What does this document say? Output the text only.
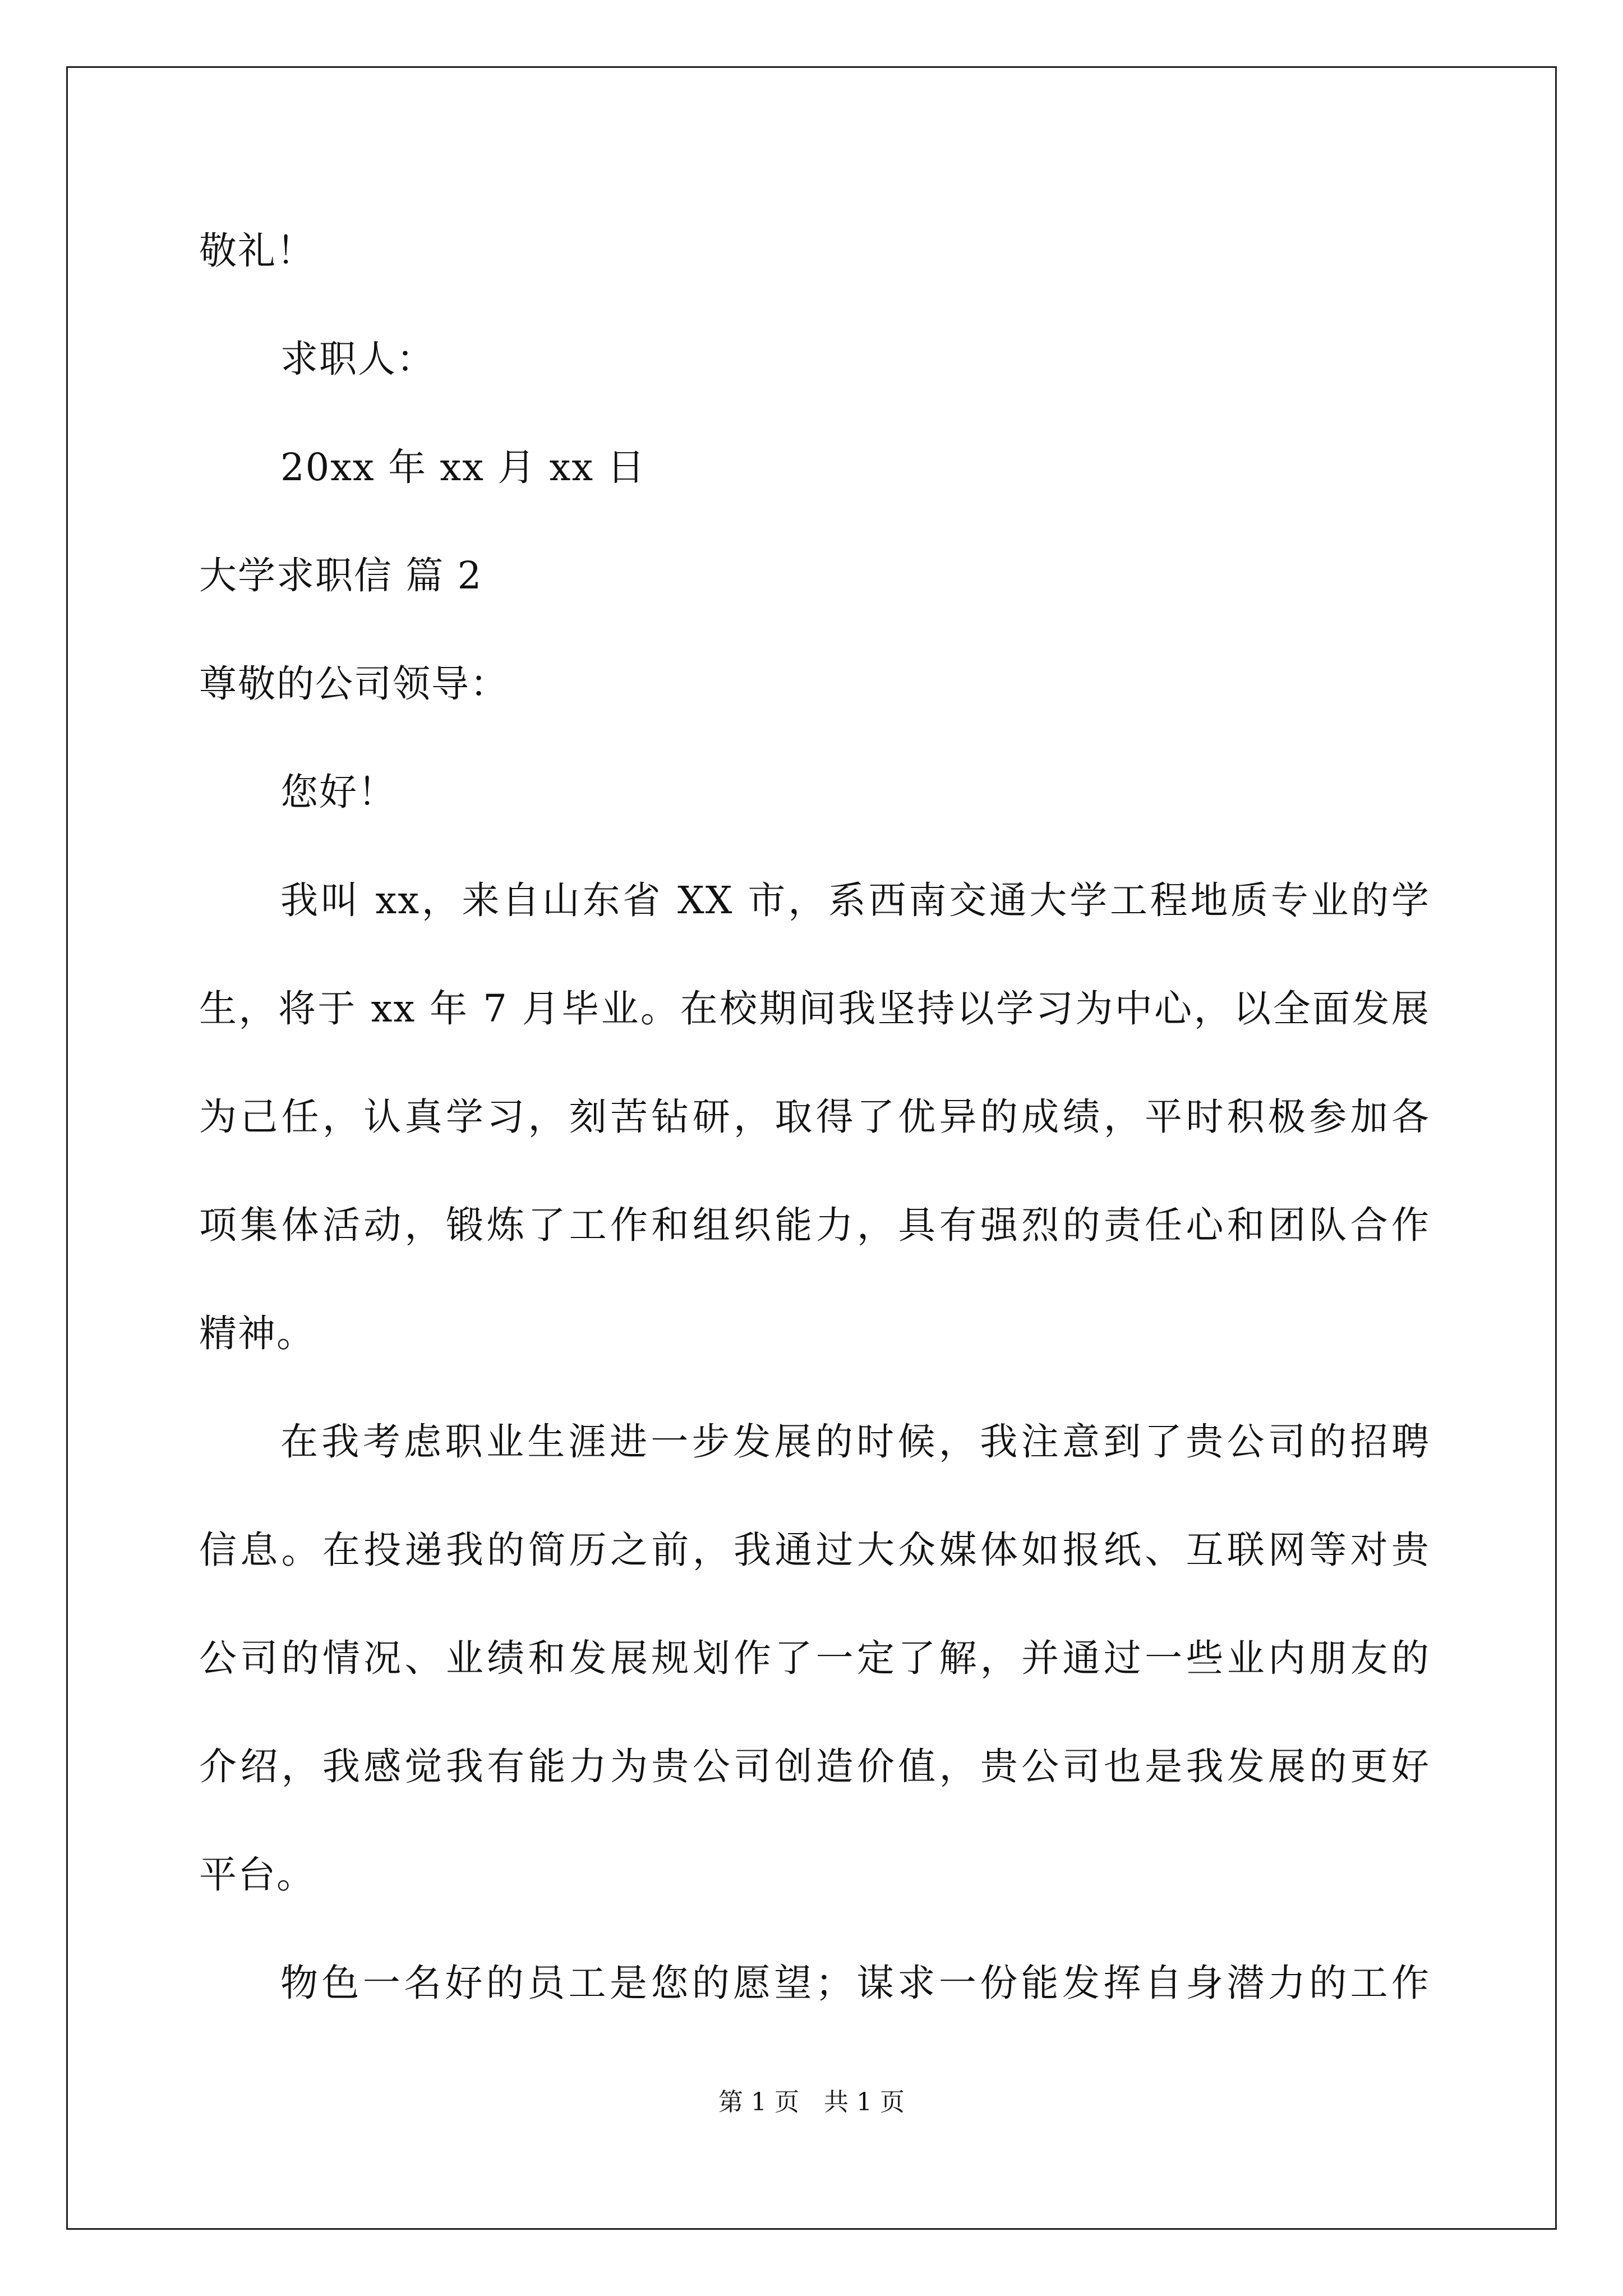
敬礼！
求职人：
20xx 年 xx 月 xx 日
大学求职信 篇 2
尊敬的公司领导：
您好！
我叫 xx，来自山东省 XX 市，系西南交通大学工程地质专业的学
生，将于 xx 年 7 月毕业。在校期间我坚持以学习为中心，以全面发展
为己任，认真学习，刻苦钻研，取得了优异的成绩，平时积极参加各
项集体活动，锻炼了工作和组织能力，具有强烈的责任心和团队合作
精神。
在我考虑职业生涯进一步发展的时候，我注意到了贵公司的招聘
信息。在投递我的简历之前，我通过大众媒体如报纸、互联网等对贵
公司的情况、业绩和发展规划作了一定了解，并通过一些业内朋友的
介绍，我感觉我有能力为贵公司创造价值，贵公司也是我发展的更好
平台。
物色一名好的员工是您的愿望；谋求一份能发挥自身潜力的工作
第 1 页　共 1 页
